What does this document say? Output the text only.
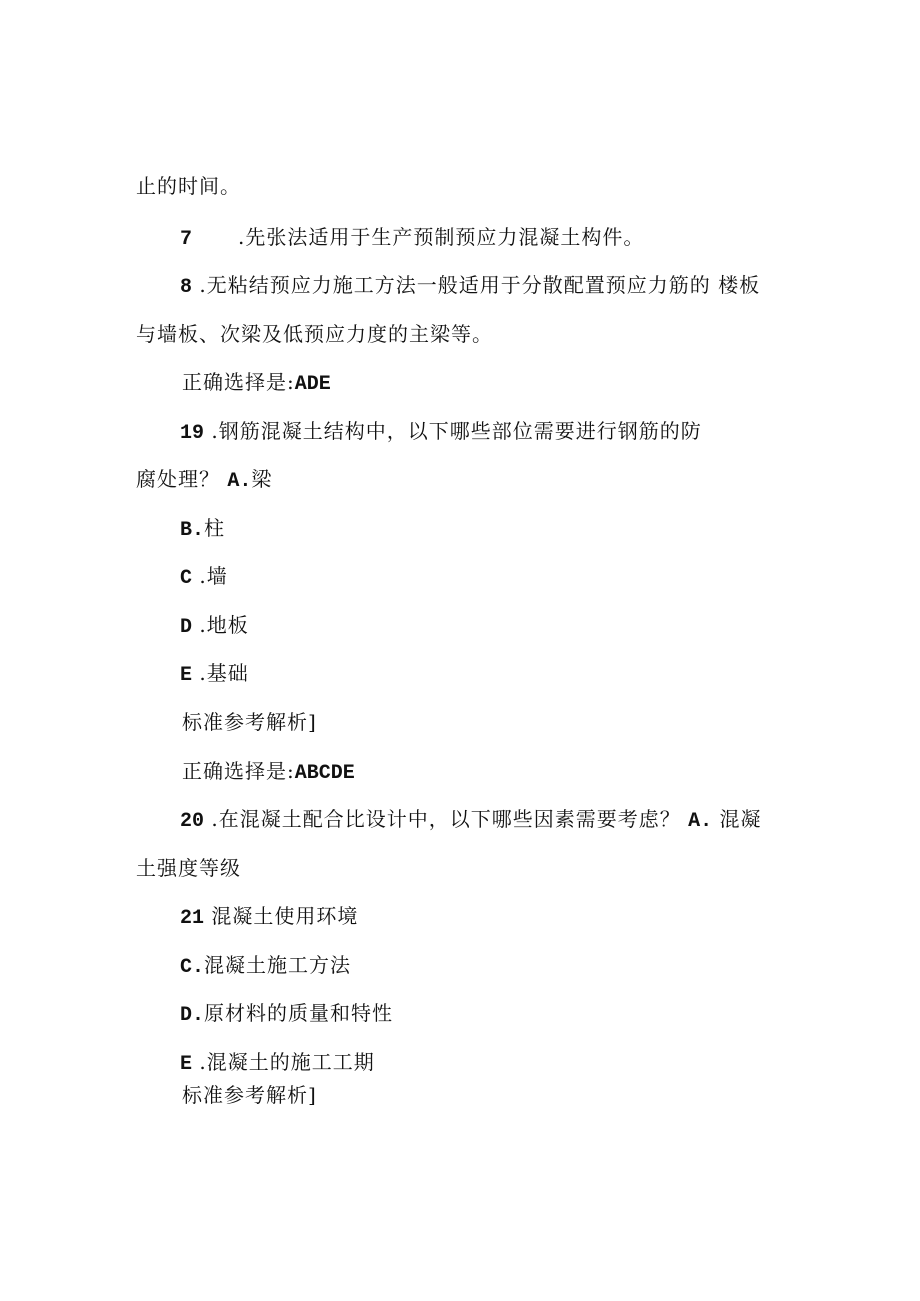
止的时间。
7 .先张法适用于生产预制预应力混凝土构件。
8 .无粘结预应力施工方法一般适用于分散配置预应力筋的 楼板
与墙板、次梁及低预应力度的主梁等。
正确选择是:ADE
19 .钢筋混凝土结构中，以下哪些部位需要进行钢筋的防
腐处理？ A.梁
B.柱
C .墙
D .地板
E .基础
标准参考解析]
正确选择是:ABCDE
20 .在混凝土配合比设计中，以下哪些因素需要考虑？ A. 混凝
土强度等级
21 混凝土使用环境
C.混凝土施工方法
D.原材料的质量和特性
E .混凝土的施工工期
标准参考解析]
